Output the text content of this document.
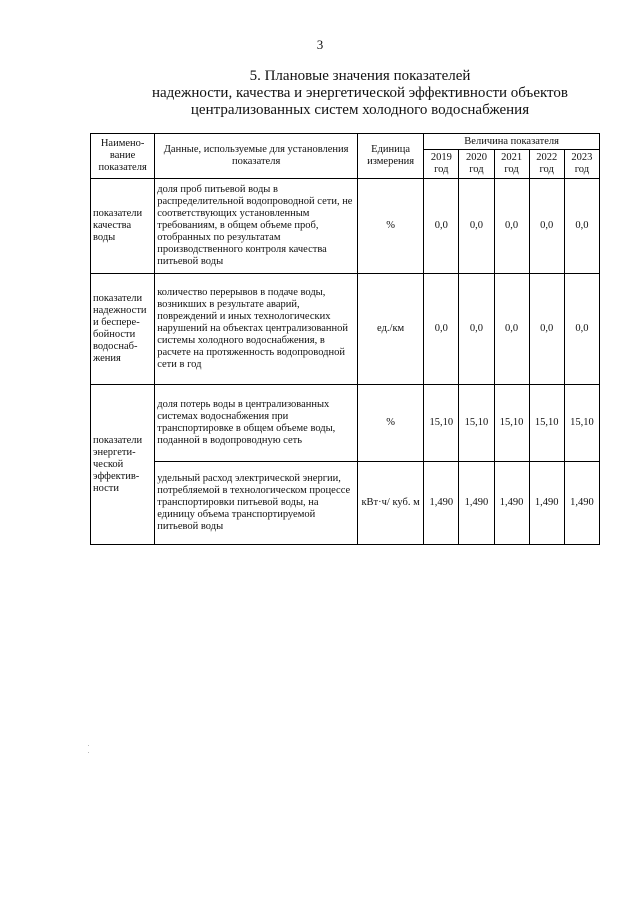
3
5. Плановые значения показателей
надежности, качества и энергетической эффективности объектов
централизованных систем холодного водоснабжения
Наимено-вание показателя	Данные, используемые для установления показателя	Единица измерения	Величина показателя				
			2019 год	2020 год	2021 год	2022 год	2023 год
показатели качества воды	доля проб питьевой воды в распределительной водопроводной сети, не соответствующих установленным требованиям, в общем объеме проб, отобранных по результатам производственного контроля качества питьевой воды	%	0,0	0,0	0,0	0,0	0,0
показатели надежности и беспере-бойности водоснаб-жения	количество перерывов в подаче воды, возникших в результате аварий, повреждений и иных технологических нарушений на объектах централизованной системы холодного водоснабжения, в расчете на протяженность водопроводной сети в год	ед./км	0,0	0,0	0,0	0,0	0,0
показатели энергети-ческой эффектив-ности	доля потерь воды в централизованных системах водоснабжения при транспортировке в общем объеме воды, поданной в водопроводную сеть	%	15,10	15,10	15,10	15,10	15,10
	удельный расход электрической энергии, потребляемой в технологическом процессе транспортировки питьевой воды, на единицу объема транспортируемой питьевой воды	кВт·ч/ куб. м	1,490	1,490	1,490	1,490	1,490
